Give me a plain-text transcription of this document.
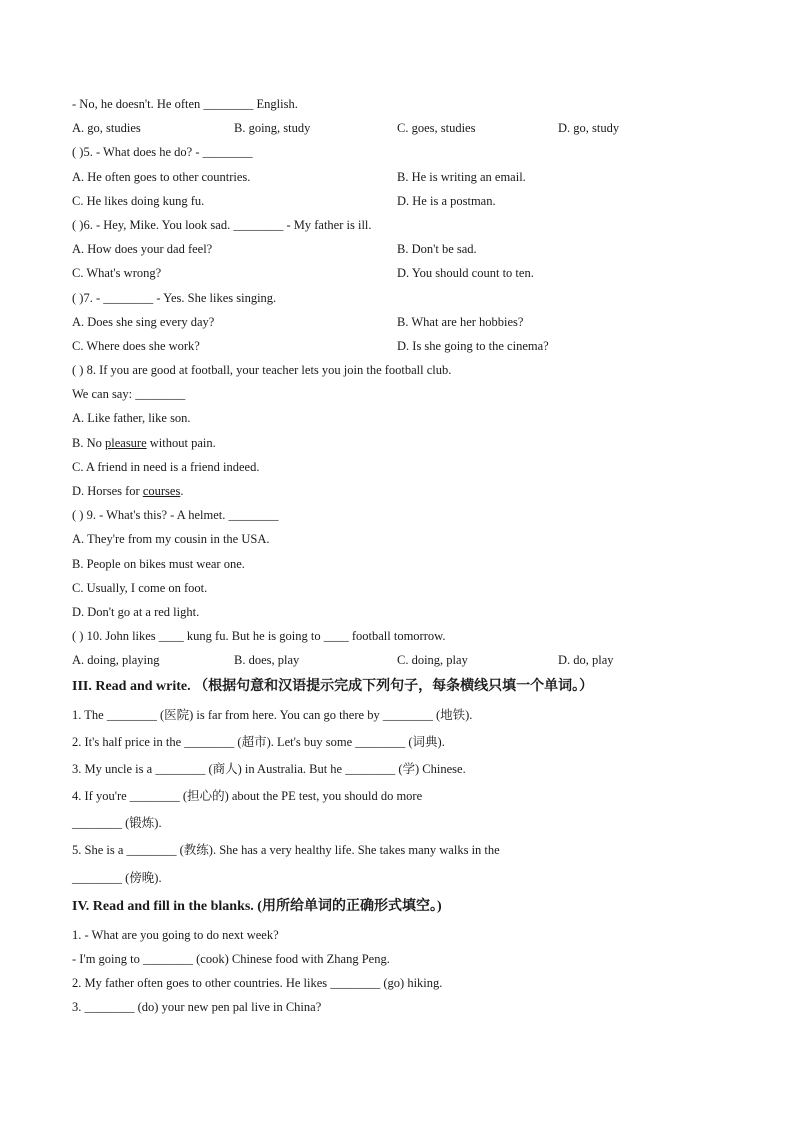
- No, he doesn't. He often ________ English.
A. go, studies	B. going, study	C. goes, studies	D. go, study
( )5. - What does he do? - ________
A. He often goes to other countries.	B. He is writing an email.
C. He likes doing kung fu.	D. He is a postman.
( )6. - Hey, Mike. You look sad. ________ - My father is ill.
A. How does your dad feel?	B. Don't be sad.
C. What's wrong?	D. You should count to ten.
( )7. - ________ - Yes. She likes singing.
A. Does she sing every day?	B. What are her hobbies?
C. Where does she work?	D. Is she going to the cinema?
( ) 8. If you are good at football, your teacher lets you join the football club.
We can say: ________
A. Like father, like son.
B. No pleasure without pain.
C. A friend in need is a friend indeed.
D. Horses for courses.
( ) 9. - What's this? - A helmet. ________
A. They're from my cousin in the USA.
B. People on bikes must wear one.
C. Usually, I come on foot.
D. Don't go at a red light.
( ) 10. John likes ____ kung fu. But he is going to ____ football tomorrow.
A. doing, playing	B. does, play	C. doing, play	D. do, play
III. Read and write. （根据句意和汉语提示完成下列句子，每条横线只填一个单词。）
1. The ________ (医院) is far from here. You can go there by ________ (地铁).
2. It's half price in the ________ (超市). Let's buy some ________ (词典).
3. My uncle is a ________ (商人) in Australia. But he ________ (学) Chinese.
4. If you're ________ (担心的) about the PE test, you should do more
________ (锻炼).
5. She is a ________ (教练). She has a very healthy life. She takes many walks in the
________ (傍晚).
IV. Read and fill in the blanks. (用所给单词的正确形式填空。)
1. - What are you going to do next week?
- I'm going to ________ (cook) Chinese food with Zhang Peng.
2. My father often goes to other countries. He likes ________ (go) hiking.
3. ________ (do) your new pen pal live in China?
